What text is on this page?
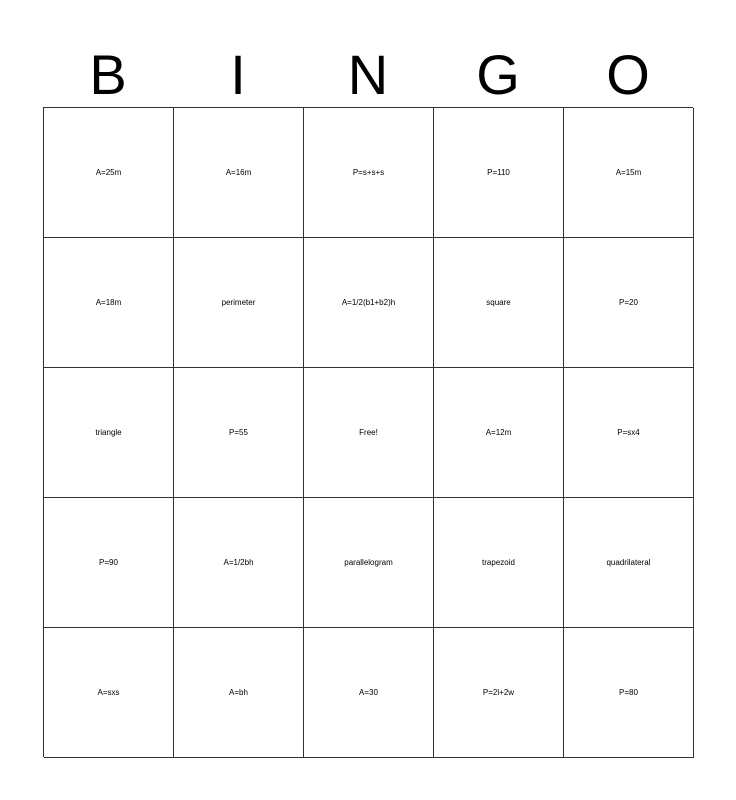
B	I	N	G	O
A=25m	A=16m	P=s+s+s	P=110	A=15m
A=18m	perimeter	A=1/2(b1+b2)h	square	P=20
triangle	P=55	Free!	A=12m	P=sx4
P=90	A=1/2bh	parallelogram	trapezoid	quadrilateral
A=sxs	A=bh	A=30	P=2l+2w	P=80
